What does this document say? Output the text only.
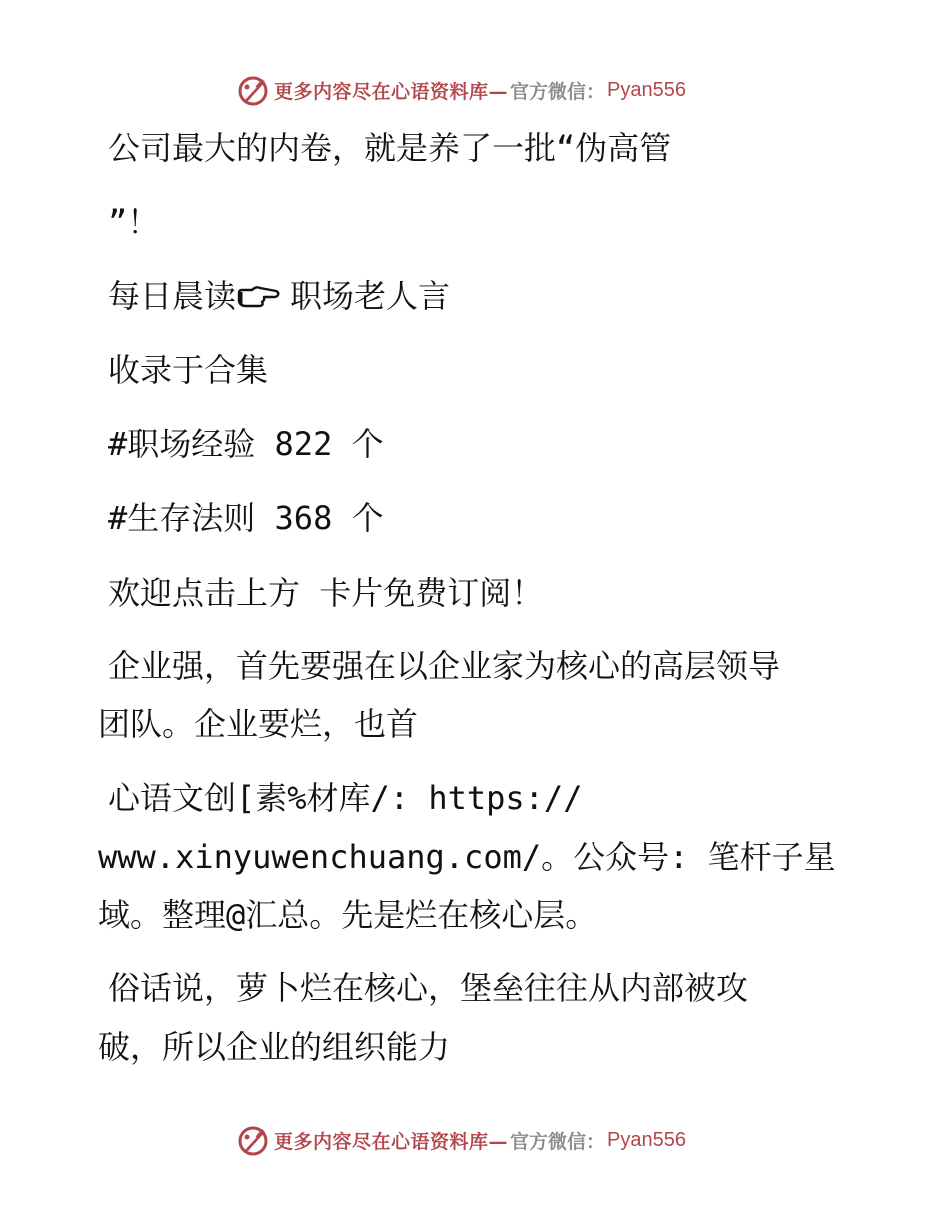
更多内容尽在心语资料库— 官方微信： Pyan556
公司最大的内卷，就是养了一批“伪高管
”！
每日晨读 职场老人言
收录于合集
#职场经验 822 个
#生存法则 368 个
欢迎点击上方 卡片免费订阅！
企业强，首先要强在以企业家为核心的高层领导
团队。企业要烂，也首
心语文创[素%材库/: https://
www.xinyuwenchuang.com/。公众号: 笔杆子星
域。整理@汇总。先是烂在核心层。
俗话说，萝卜烂在核心，堡垒往往从内部被攻
破，所以企业的组织能力
更多内容尽在心语资料库— 官方微信： Pyan556
